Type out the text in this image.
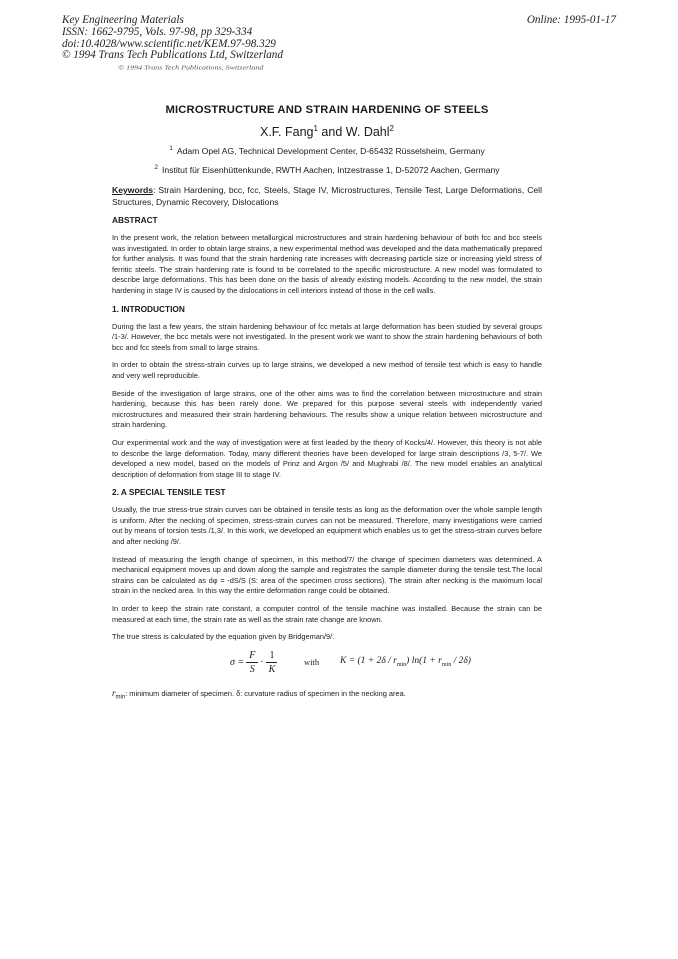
Key Engineering Materials
ISSN: 1662-9795, Vols. 97-98, pp 329-334
doi:10.4028/www.scientific.net/KEM.97-98.329
© 1994 Trans Tech Publications Ltd, Switzerland
Online: 1995-01-17
© 1994 Trans Tech Publications, Switzerland
MICROSTRUCTURE AND STRAIN HARDENING OF STEELS
X.F. Fang$^1$ and W. Dahl$^2$
$^1$ Adam Opel AG, Technical Development Center, D-65432 Rüsselsheim, Germany
$^2$ Institut für Eisenhüttenkunde, RWTH Aachen, Intzestrasse 1, D-52072 Aachen, Germany
Keywords: Strain Hardening, bcc, fcc, Steels, Stage IV, Microstructures, Tensile Test, Large Deformations, Cell Structures, Dynamic Recovery, Dislocations
ABSTRACT
In the present work, the relation between metallurgical microstructures and strain hardening behaviour of both fcc and bcc steels was investigated. In order to obtain large strains, a new experimental method was developed and the data mathematically prepared for further analysis. It was found that the strain hardening rate increases with decreasing particle size or increasing yield stress of ferritic steels. The strain hardening rate is found to be correlated to the specific microstructure. A new model was formulated to describe large deformations. This has been done on the basis of already existing models. According to the new model, the strain hardening in stage IV is caused by the dislocations in cell interiors instead of those in the cell walls.
1. INTRODUCTION
During the last a few years, the strain hardening behaviour of fcc metals at large deformation has been studied by several groups /1-3/. However, the bcc metals were not investigated. In the present work we want to show the strain hardening behaviours of both bcc and fcc steels from small to large strains.
In order to obtain the stress-strain curves up to large strains, we developed a new method of tensile test which is easy to handle and very well reproducible.
Beside of the investigation of large strains, one of the other aims was to find the correlation between microstructure and strain hardening, because this has been rarely done. We prepared for this purpose several steels with independently varied microstructures and measured their strain hardening behaviours. The results show a unique relation between microstructure and strain hardening.
Our experimental work and the way of investigation were at first leaded by the theory of Kocks/4/. However, this theory is not able to describe the large deformation. Today, many different theories have been developed for large strain descriptions /3, 5-7/. We developed a new model, based on the models of Prinz and Argon /5/ and Mughrabi /8/. The new model enables an analytical description of deformation from stage III to stage IV.
2. A SPECIAL TENSILE TEST
Usually, the true stress-true strain curves can be obtained in tensile tests as long as the deformation over the whole sample length is uniform. After the necking of specimen, stress-strain curves can not be measured. Therefore, many investigations were carried out by means of torsion tests /1,3/. In this work, we developed an equipment which enables us to get the stress-strain curves before and after necking /9/.
Instead of measuring the length change of specimen, in this method/7/ the change of specimen diameters was determined. A mechanical equipment moves up and down along the sample and registrates the sample diameter during the tensile test.The local strains can be calculated as dφ = -dS/S (S: area of the specimen cross sections). The strain after necking is the maximum local strain in the necked area. In this way the entire deformation range could be obtained.
In order to keep the strain rate constant, a computer control of the tensile machine was installed. Because the strain can be measured at each time, the strain rate as well as the strain rate change are known.
The true stress is calculated by the equation given by Bridgeman/9/.
$\sigma = \frac{F}{S} \cdot \frac{1}{K}$	with $K = (1 + 2\delta / r_{min})$ $\ln(1 + r_{min} / 2\delta)$
$r_{min}$: minimum diameter of specimen. δ: curvature radius of specimen in the necking area.
